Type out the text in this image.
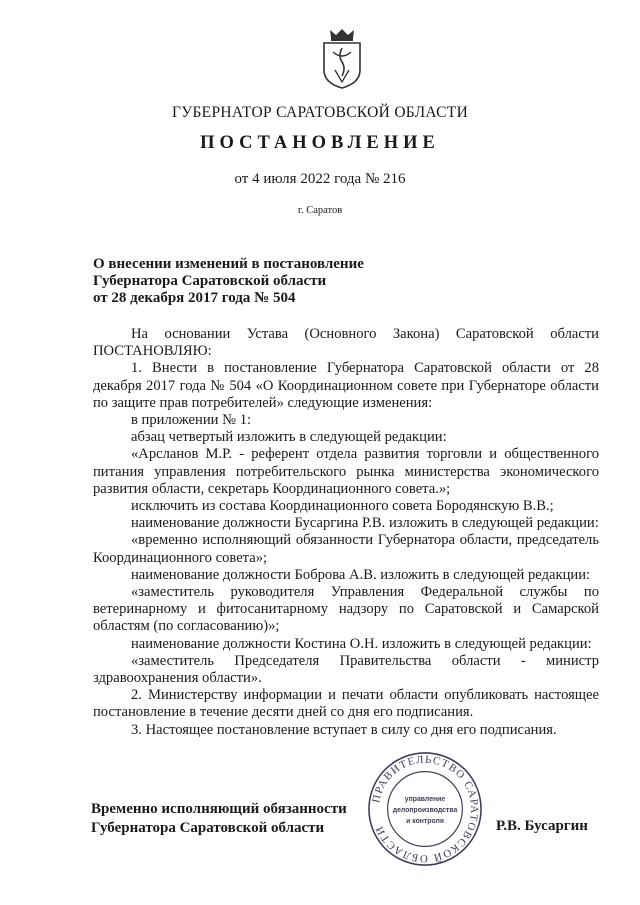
ГУБЕРНАТОР САРАТОВСКОЙ ОБЛАСТИ
ПОСТАНОВЛЕНИЕ
от 4 июля 2022 года № 216
г. Саратов
О внесении изменений в постановление
Губернатора Саратовской области
от 28 декабря 2017 года № 504

На основании Устава (Основного Закона) Саратовской области ПОСТАНОВЛЯЮ:

1. Внести в постановление Губернатора Саратовской области от 28 декабря 2017 года № 504 «О Координационном совете при Губернаторе области по защите прав потребителей» следующие изменения:

в приложении № 1:

абзац четвертый изложить в следующей редакции:

«Арсланов М.Р. - референт отдела развития торговли и общественного питания управления потребительского рынка министерства экономического развития области, секретарь Координационного совета.»;

исключить из состава Координационного совета Бородянскую В.В.;

наименование должности Бусаргина Р.В. изложить в следующей редакции:

«временно исполняющий обязанности Губернатора области, председатель Координационного совета»;

наименование должности Боброва А.В. изложить в следующей редакции:

«заместитель руководителя Управления Федеральной службы по ветеринарному и фитосанитарному надзору по Саратовской и Самарской областям (по согласованию)»;

наименование должности Костина О.Н. изложить в следующей редакции:

«заместитель Председателя Правительства области - министр здравоохранения области».

2. Министерству информации и печати области опубликовать настоящее постановление в течение десяти дней со дня его подписания.

3. Настоящее постановление вступает в силу со дня его подписания.

Временно исполняющий обязанности
Губернатора Саратовской области
ПРАВИТЕЛЬСТВО САРАТОВСКОЙ ОБЛАСТИ
управление
делопроизводства
и контроля	Р.В. Бусаргин
